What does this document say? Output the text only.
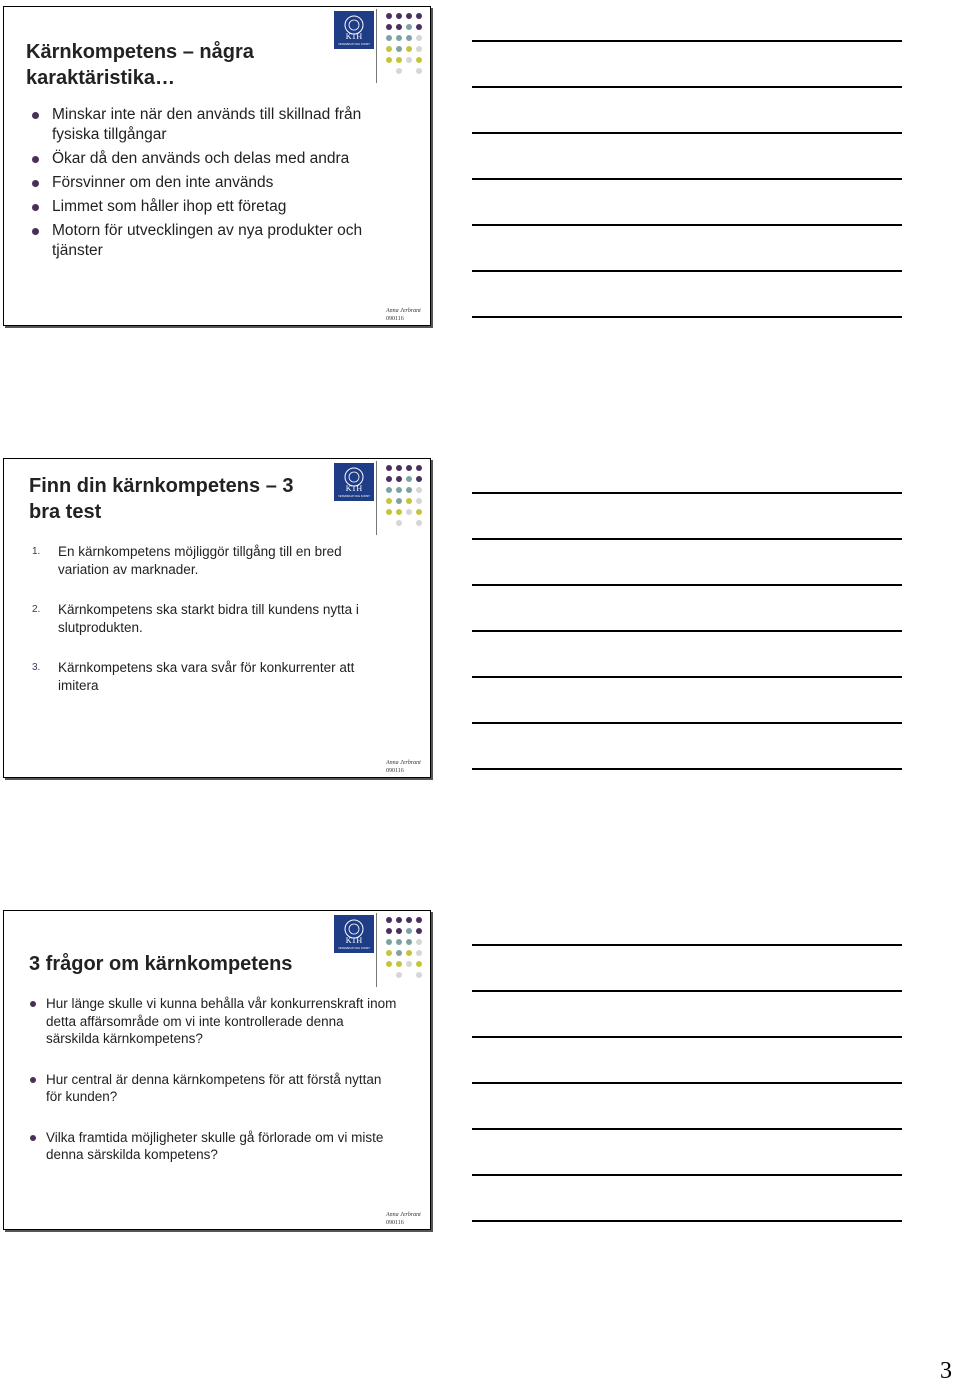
Kärnkompetens – några karaktäristika…
KTH
VETENSKAP OCH KONST
Minskar inte när den används till skillnad från fysiska tillgångar
Ökar då den används och delas med andra
Försvinner om den inte används
Limmet som håller ihop ett företag
Motorn för utvecklingen av nya produkter och tjänster
Anna Jerbrant
090116
Finn din kärnkompetens – 3 bra test
KTH
VETENSKAP OCH KONST
1. En kärnkompetens möjliggör tillgång till en bred variation av marknader.
2. Kärnkompetens ska starkt bidra till kundens nytta i slutprodukten.
3. Kärnkompetens ska vara svår för konkurrenter att imitera
Anna Jerbrant
090116
3 frågor om kärnkompetens
KTH
VETENSKAP OCH KONST
Hur länge skulle vi kunna behålla vår konkurrenskraft inom detta affärsområde om vi inte kontrollerade denna särskilda kärnkompetens?
Hur central är denna kärnkompetens för att förstå nyttan för kunden?
Vilka framtida möjligheter skulle gå förlorade om vi miste denna särskilda kompetens?
Anna Jerbrant
090116
3
